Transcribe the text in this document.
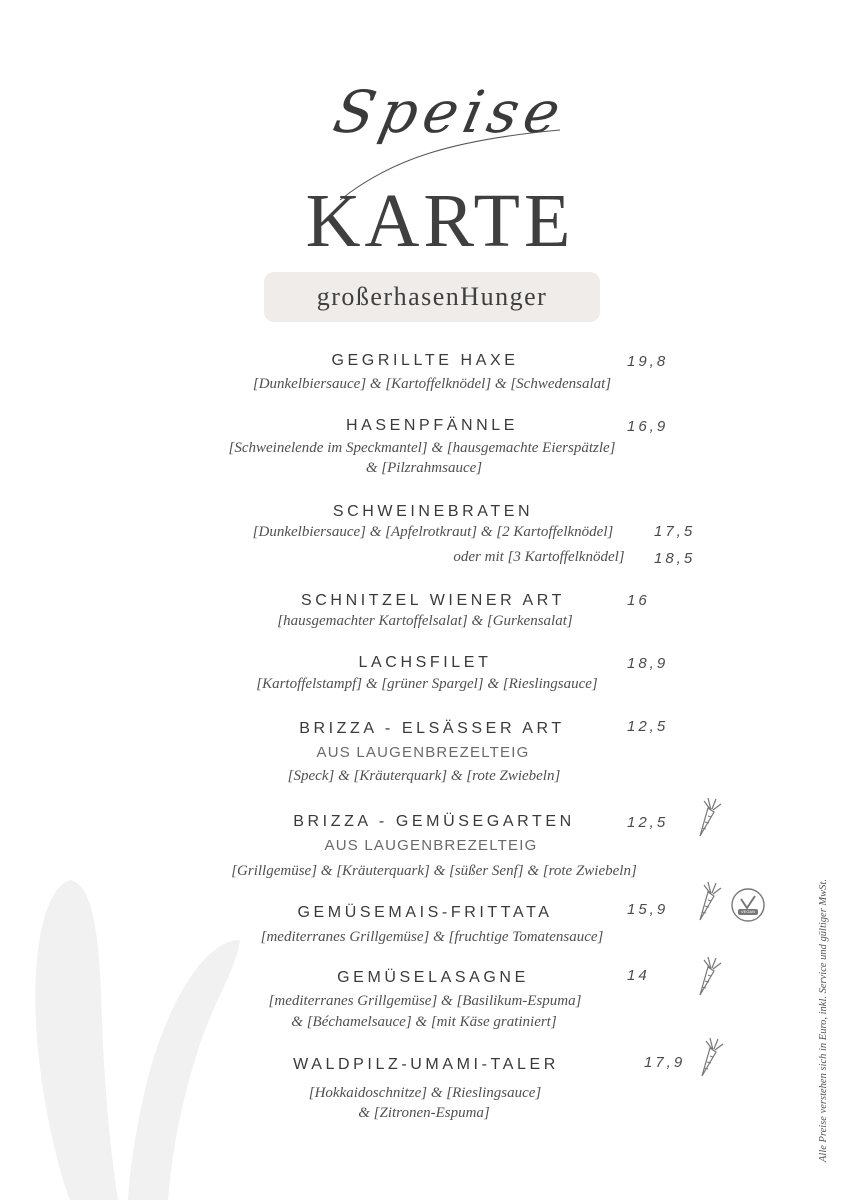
Speise
KARTE
großerhasenHunger
GEGRILLTE HAXE	19,8
[Dunkelbiersauce] & [Kartoffelknödel] & [Schwedensalat]
HASENPFÄNNLE	16,9
[Schweinelende im Speckmantel] & [hausgemachte Eierspätzle]
& [Pilzrahmsauce]
SCHWEINEBRATEN
[Dunkelbiersauce] & [Apfelrotkraut] & [2 Kartoffelknödel]	17,5
oder mit [3 Kartoffelknödel] 18,5
SCHNITZEL WIENER ART	16
[hausgemachter Kartoffelsalat] & [Gurkensalat]
LACHSFILET	18,9
[Kartoffelstampf] & [grüner Spargel] & [Rieslingsauce]
BRIZZA - ELSÄSSER ART	12,5
AUS LAUGENBREZELTEIG
[Speck] & [Kräuterquark] & [rote Zwiebeln]
BRIZZA - GEMÜSEGARTEN	12,5
AUS LAUGENBREZELTEIG
[Grillgemüse] & [Kräuterquark] & [süßer Senf] & [rote Zwiebeln]
GEMÜSEMAIS-FRITTATA	15,9
[mediterranes Grillgemüse] & [fruchtige Tomatensauce]
VEGAN
GEMÜSELASAGNE	14
[mediterranes Grillgemüse] & [Basilikum-Espuma]
& [Béchamelsauce] & [mit Käse gratiniert]
WALDPILZ-UMAMI-TALER	17,9
[Hokkaidoschnitze] & [Rieslingsauce]
& [Zitronen-Espuma]	Alle Preise verstehen sich in Euro, inkl. Service und gültiger MwSt.
